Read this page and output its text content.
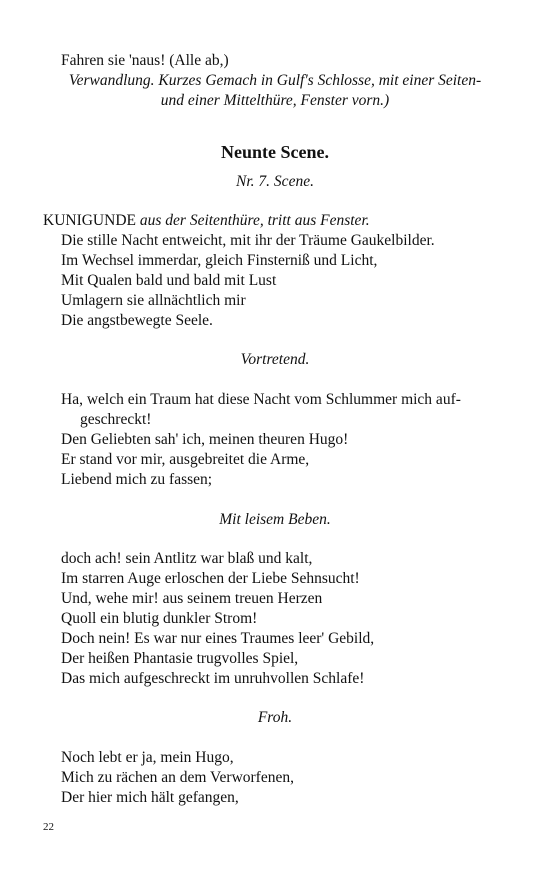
Fahren sie 'naus! (Alle ab,)
Verwandlung. Kurzes Gemach in Gulf's Schlosse, mit einer Seiten-
und einer Mittelthüre, Fenster vorn.)
Neunte Scene.
Nr. 7. Scene.
KUNIGUNDE aus der Seitenthüre, tritt aus Fenster.
Die stille Nacht entweicht, mit ihr der Träume Gaukelbilder.
Im Wechsel immerdar, gleich Finsterniß und Licht,
Mit Qualen bald und bald mit Lust
Umlagern sie allnächtlich mir
Die angstbewegte Seele.
Vortretend.
Ha, welch ein Traum hat diese Nacht vom Schlummer mich auf-
geschreckt!
Den Geliebten sah' ich, meinen theuren Hugo!
Er stand vor mir, ausgebreitet die Arme,
Liebend mich zu fassen;
Mit leisem Beben.
doch ach! sein Antlitz war blaß und kalt,
Im starren Auge erloschen der Liebe Sehnsucht!
Und, wehe mir! aus seinem treuen Herzen
Quoll ein blutig dunkler Strom!
Doch nein! Es war nur eines Traumes leer' Gebild,
Der heißen Phantasie trugvolles Spiel,
Das mich aufgeschreckt im unruhvollen Schlafe!
Froh.
Noch lebt er ja, mein Hugo,
Mich zu rächen an dem Verworfenen,
Der hier mich hält gefangen,
22
